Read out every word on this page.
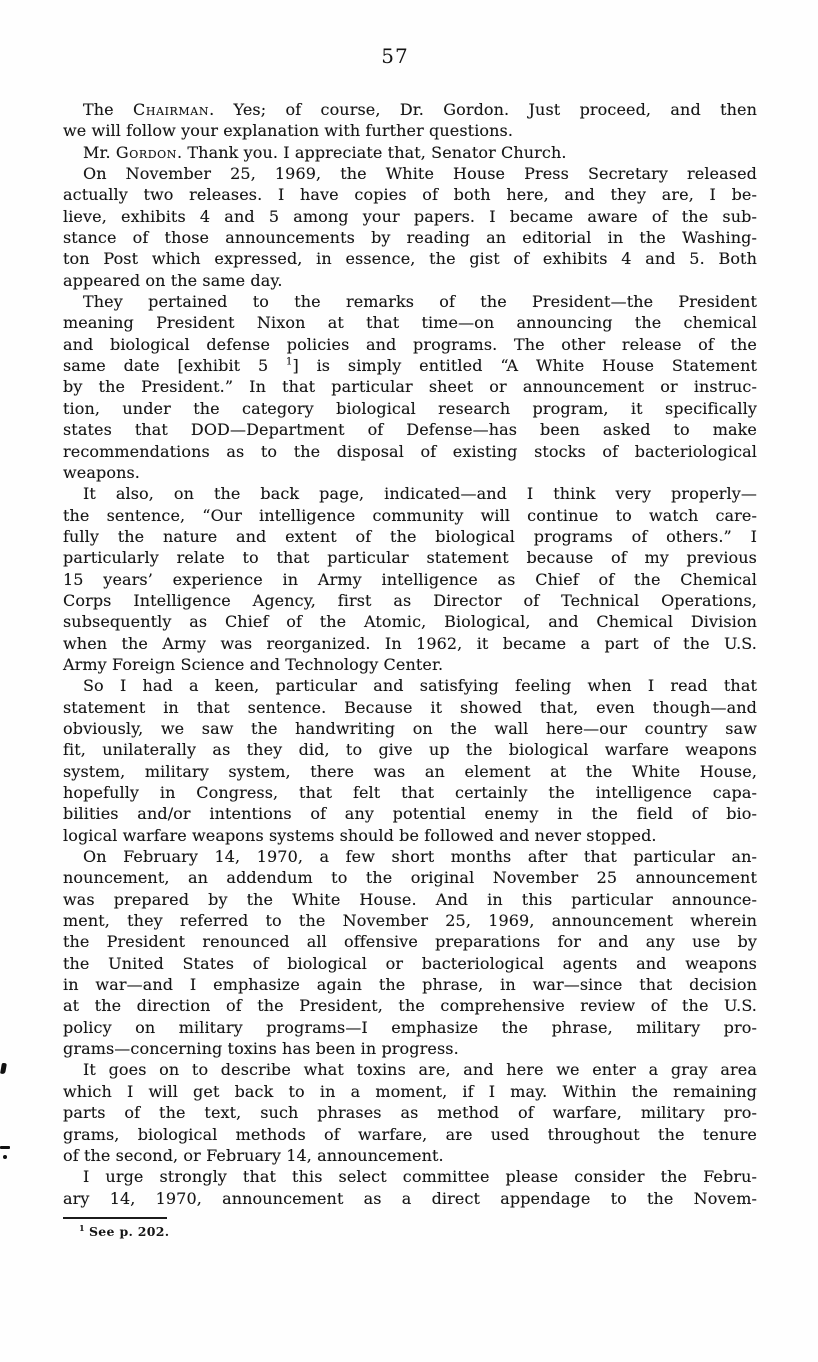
57
The Chairman. Yes; of course, Dr. Gordon. Just proceed, and then
we will follow your explanation with further questions.
Mr. Gordon. Thank you. I appreciate that, Senator Church.
On November 25, 1969, the White House Press Secretary released
actually two releases. I have copies of both here, and they are, I be-
lieve, exhibits 4 and 5 among your papers. I became aware of the sub-
stance of those announcements by reading an editorial in the Washing-
ton Post which expressed, in essence, the gist of exhibits 4 and 5. Both
appeared on the same day.
They pertained to the remarks of the President—the President
meaning President Nixon at that time—on announcing the chemical
and biological defense policies and programs. The other release of the
same date [exhibit 5 $^1$] is simply entitled “A White House Statement
by the President.” In that particular sheet or announcement or instruc-
tion, under the category biological research program, it specifically
states that DOD—Department of Defense—has been asked to make
recommendations as to the disposal of existing stocks of bacteriological
weapons.
It also, on the back page, indicated—and I think very properly—
the sentence, “Our intelligence community will continue to watch care-
fully the nature and extent of the biological programs of others.” I
particularly relate to that particular statement because of my previous
15 years’ experience in Army intelligence as Chief of the Chemical
Corps Intelligence Agency, first as Director of Technical Operations,
subsequently as Chief of the Atomic, Biological, and Chemical Division
when the Army was reorganized. In 1962, it became a part of the U.S.
Army Foreign Science and Technology Center.
So I had a keen, particular and satisfying feeling when I read that
statement in that sentence. Because it showed that, even though—and
obviously, we saw the handwriting on the wall here—our country saw
fit, unilaterally as they did, to give up the biological warfare weapons
system, military system, there was an element at the White House,
hopefully in Congress, that felt that certainly the intelligence capa-
bilities and/or intentions of any potential enemy in the field of bio-
logical warfare weapons systems should be followed and never stopped.
On February 14, 1970, a few short months after that particular an-
nouncement, an addendum to the original November 25 announcement
was prepared by the White House. And in this particular announce-
ment, they referred to the November 25, 1969, announcement wherein
the President renounced all offensive preparations for and any use by
the United States of biological or bacteriological agents and weapons
in war—and I emphasize again the phrase, in war—since that decision
at the direction of the President, the comprehensive review of the U.S.
policy on military programs—I emphasize the phrase, military pro-
grams—concerning toxins has been in progress.
It goes on to describe what toxins are, and here we enter a gray area
which I will get back to in a moment, if I may. Within the remaining
parts of the text, such phrases as method of warfare, military pro-
grams, biological methods of warfare, are used throughout the tenure
of the second, or February 14, announcement.
I urge strongly that this select committee please consider the Febru-
ary 14, 1970, announcement as a direct appendage to the Novem-
$^1$ See p. 202.
